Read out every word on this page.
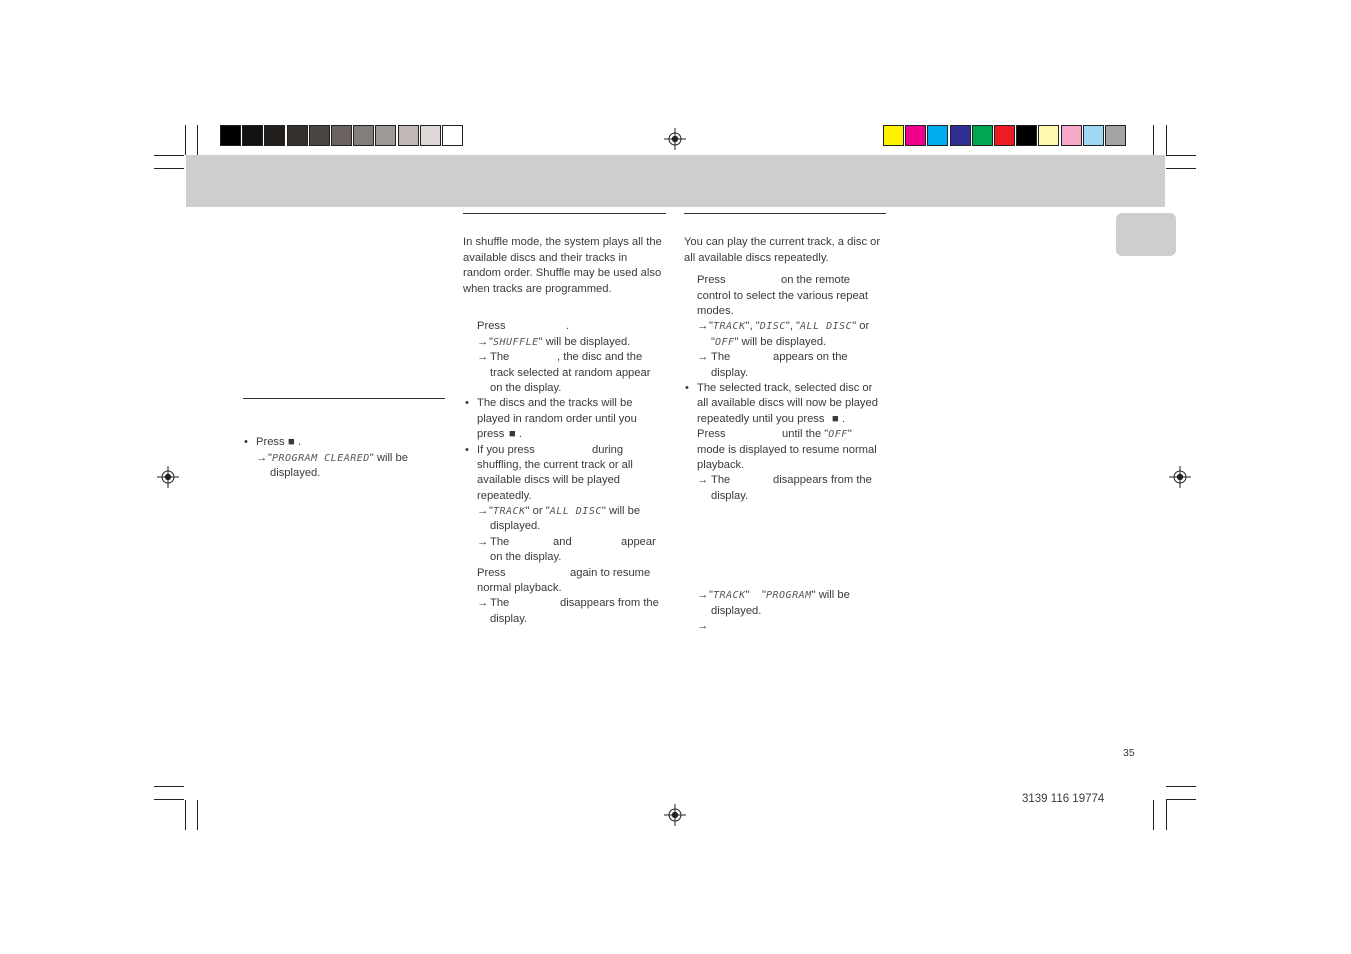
• Press ■ .
→ "PROGRAM CLEARED" will be
displayed.
In shuffle mode, the system plays all the
available discs and their tracks in
random order. Shuffle may be used also
when tracks are programmed.
Press	.
→ "SHUFFLE" will be displayed.
→ The	, the disc and the
track selected at random appear
on the display.
• The discs and the tracks will be
played in random order until you
press ■ .
• If you press	during
shuffling, the current track or all
available discs will be played
repeatedly.
→ "TRACK" or "ALL DISC" will be
displayed.
→ The	and	appear
on the display.
Press	again to resume
normal playback.
→ The	disappears from the
display.
You can play the current track, a disc or
all available discs repeatedly.
Press	on the remote
control to select the various repeat
modes.
→ "TRACK", "DISC", "ALL DISC" or
"OFF" will be displayed.
→ The	appears on the
display.
• The selected track, selected disc or
all available discs will now be played
repeatedly until you press ■ .
Press	until the "OFF"
mode is displayed to resume normal
playback.
→ The	disappears from the
display.
→ "TRACK"    "PROGRAM" will be
displayed.
→
35
3139 116 19774
